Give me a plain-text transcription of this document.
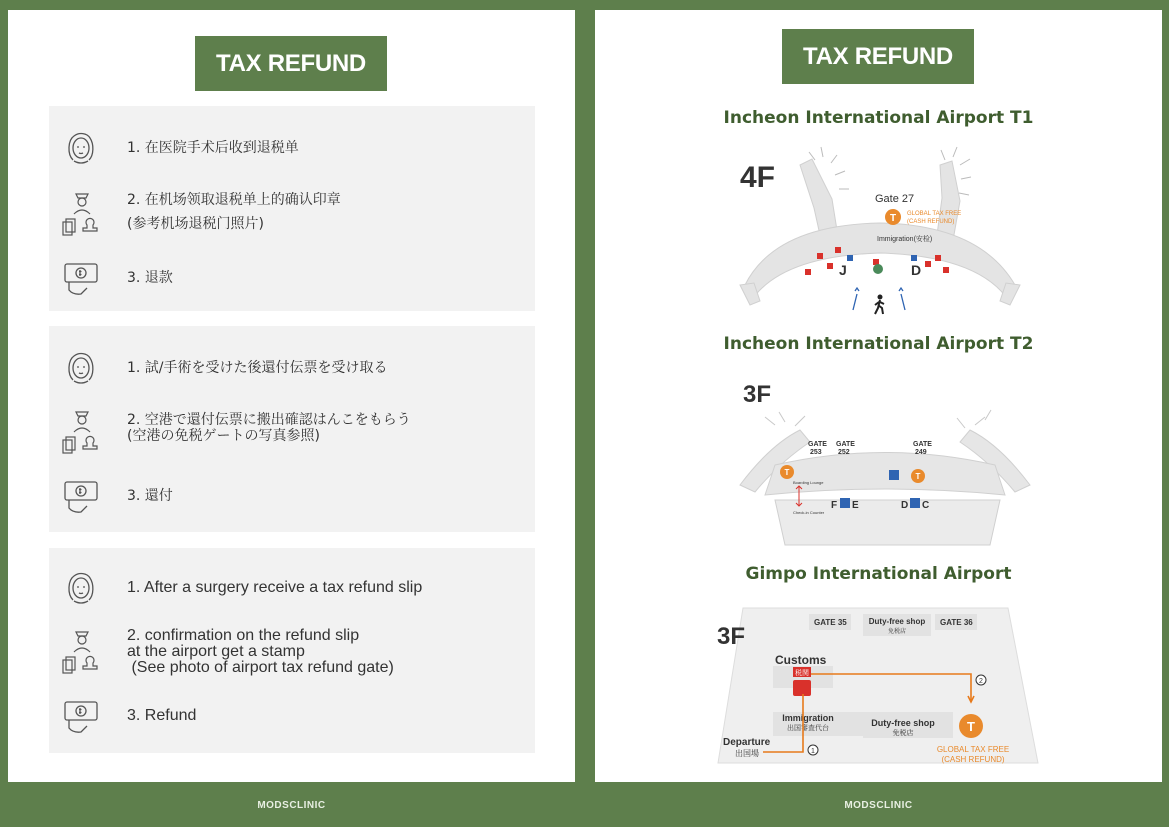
TAX REFUND
1. 在医院手术后收到退税单
2. 在机场领取退税单上的确认印章
(参考机场退税门照片)
3. 退款
1. 試/手術を受けた後還付伝票を受け取る
2. 空港で還付伝票に搬出確認はんこをもらう
(空港の免税ゲートの写真参照)
3. 還付
1. After a surgery receive a tax refund slip
2. confirmation on the refund slip
at the airport get a stamp
(See photo of airport tax refund gate)
3. Refund
MODSCLINIC
TAX REFUND
Incheon International Airport T1
4F
Gate 27
T GLOBAL TAX FREE
(CASH REFUND)
Immigration(安检)
J	D
Incheon International Airport T2
3F
GATE
253
GATE
252
GATE
249
T	T
Boarding Lounge
Check-in Counter
F E	D C
Gimpo International Airport
3F
GATE 35	Duty-free shop
免税店
GATE 36
Customs
税関
Immigration
出国審査代台
Duty-free shop
免税店
Departure
出国場	1
2
T
GLOBAL TAX FREE
(CASH REFUND)
MODSCLINIC
